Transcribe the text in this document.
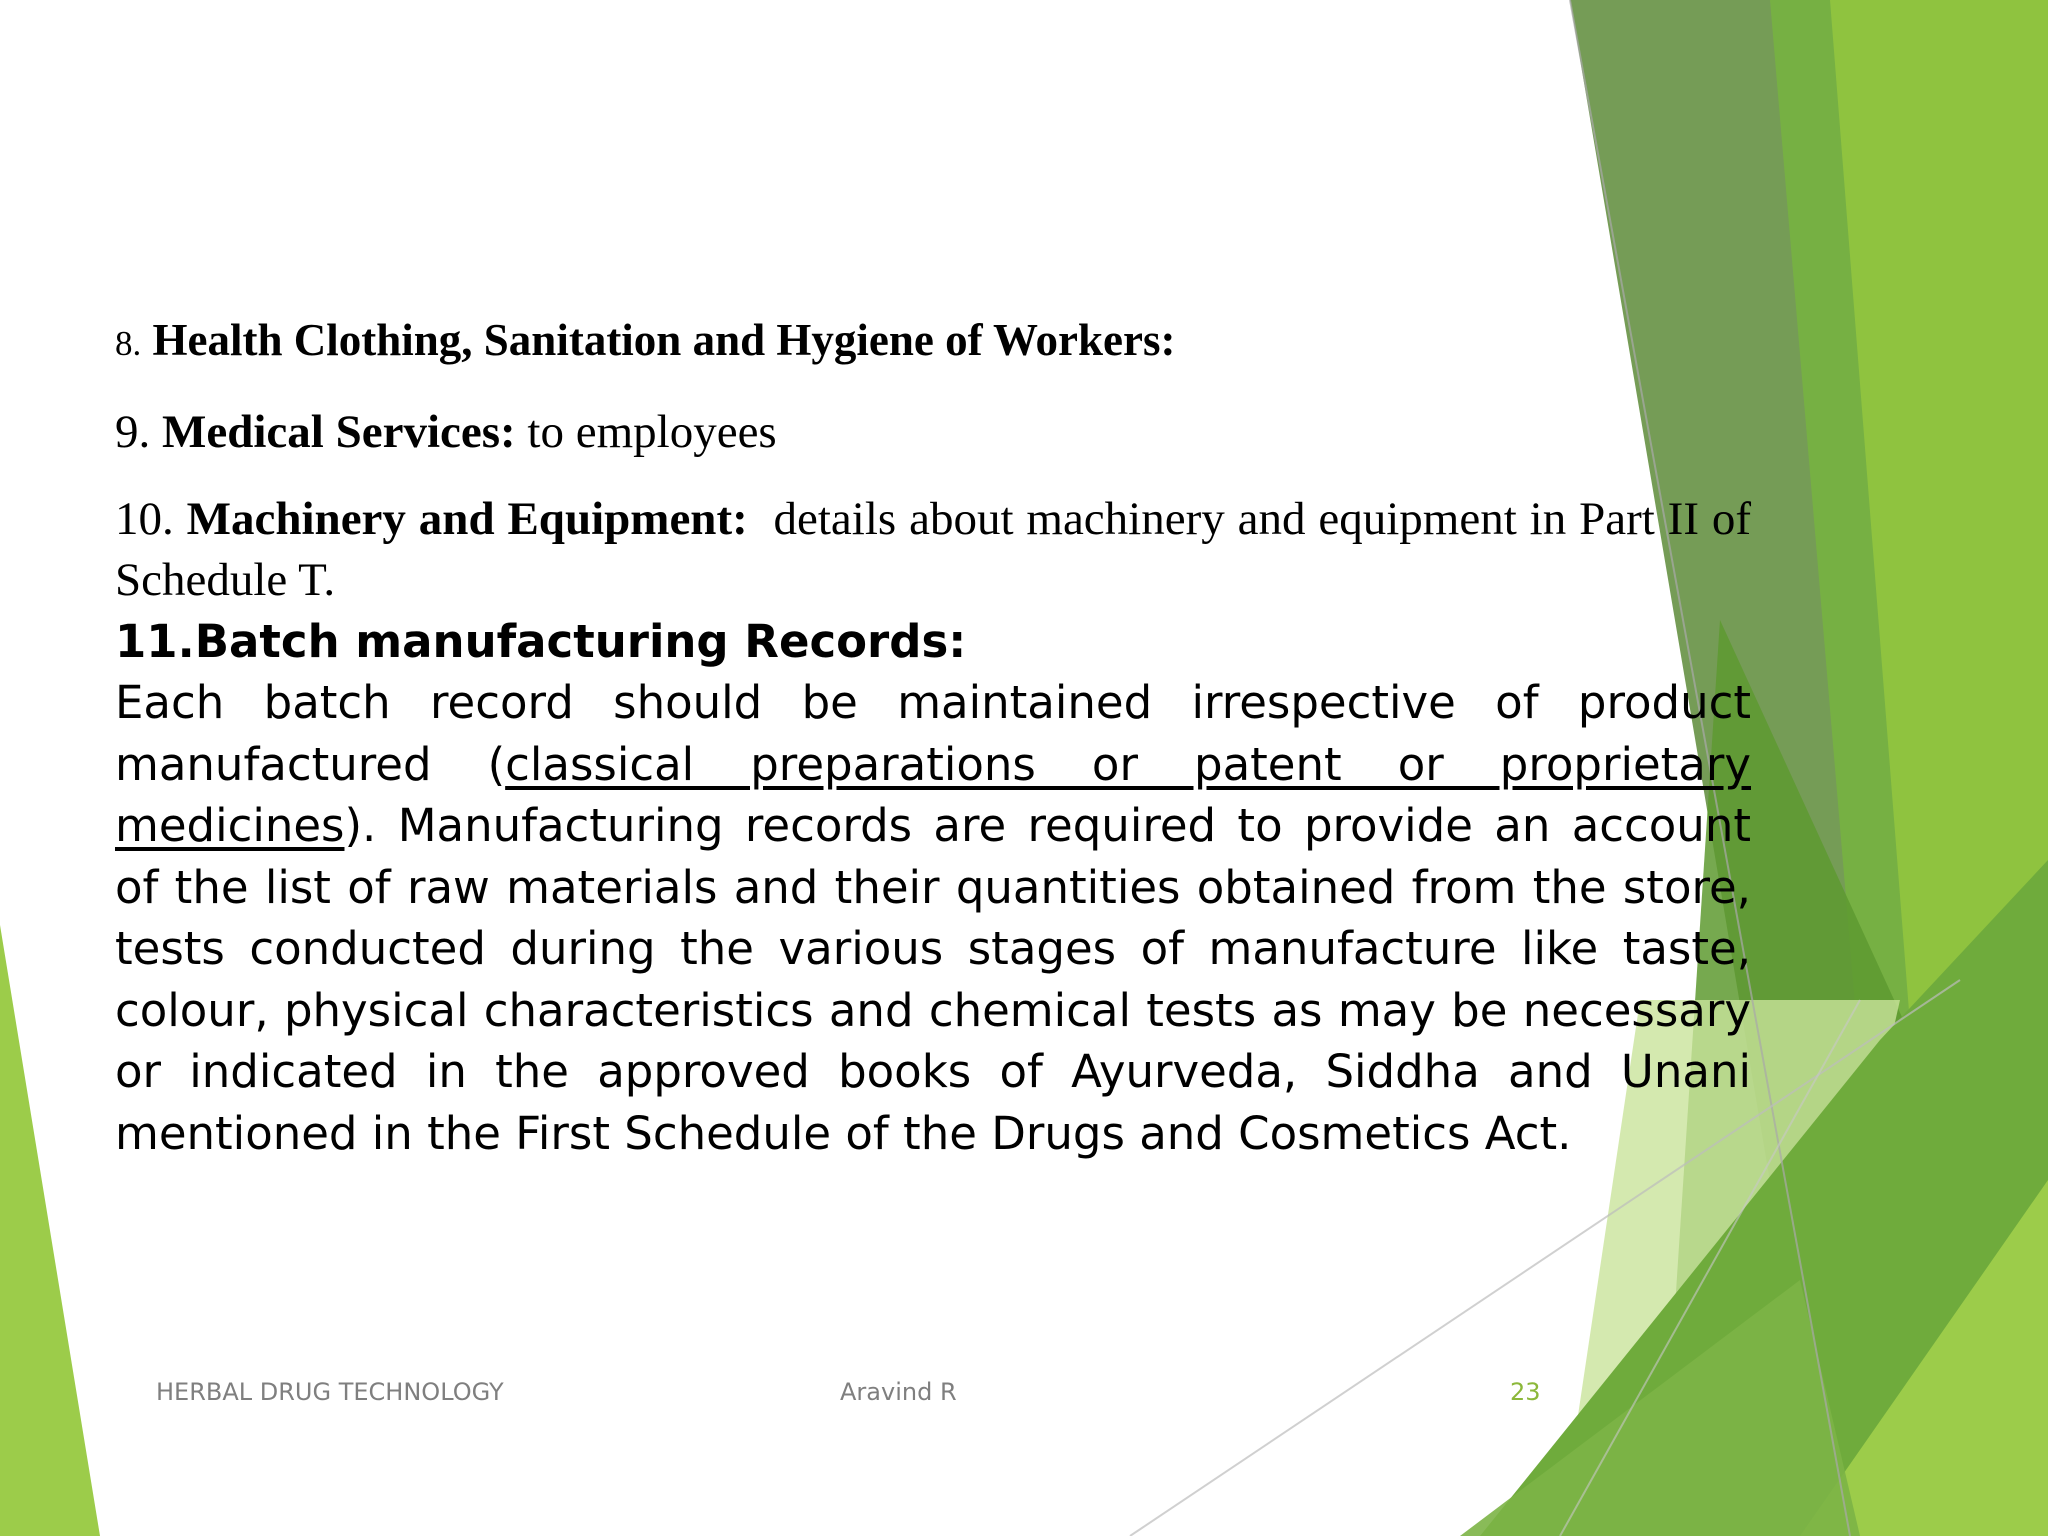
8. Health Clothing, Sanitation and Hygiene of Workers:

9. Medical Services: to employees

10. Machinery and Equipment: details about machinery and equipment in Part II of Schedule T.

11.Batch manufacturing Records:

Each batch record should be maintained irrespective of product manufactured (classical preparations or patent or proprietary medicines). Manufacturing records are required to provide an account of the list of raw materials and their quantities obtained from the store, tests conducted during the various stages of manufacture like taste, colour, physical characteristics and chemical tests as may be necessary or indicated in the approved books of Ayurveda, Siddha and Unani mentioned in the First Schedule of the Drugs and Cosmetics Act.

HERBAL DRUG TECHNOLOGY	Aravind R	23
